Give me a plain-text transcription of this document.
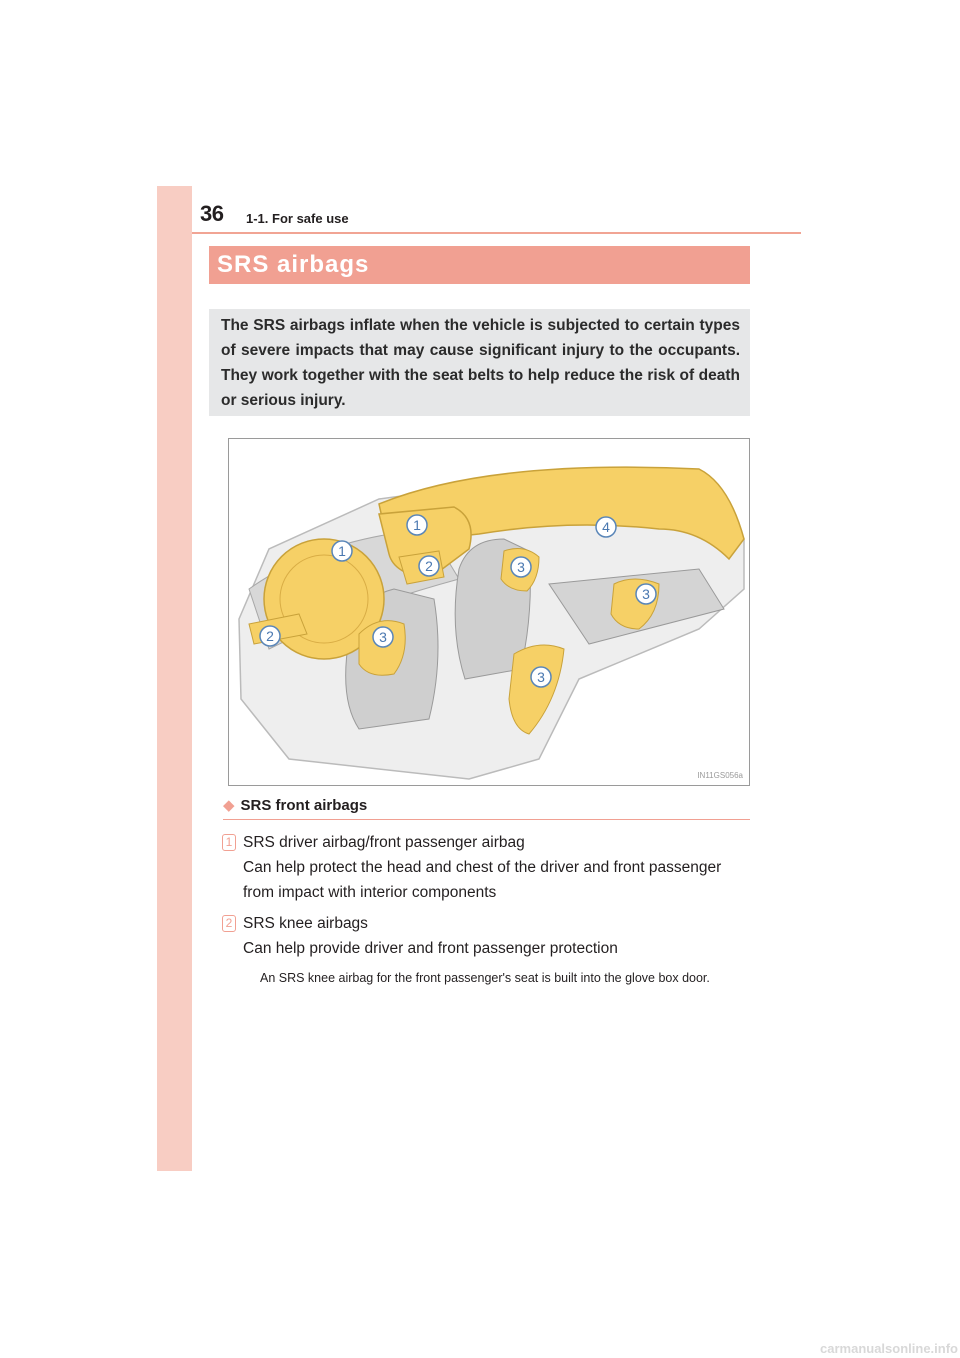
36 1-1. For safe use
SRS airbags

The SRS airbags inflate when the vehicle is subjected to certain types of severe impacts that may cause significant injury to the occupants. They work together with the seat belts to help reduce the risk of death or serious injury.

1
1
2
2
3
3
3
3
4
IN11GS056a
◆ SRS front airbags
1 SRS driver airbag/front passenger airbag
Can help protect the head and chest of the driver and front passenger
from impact with interior components
2 SRS knee airbags
Can help provide driver and front passenger protection
An SRS knee airbag for the front passenger's seat is built into the glove box door.
carmanualsonline.info
